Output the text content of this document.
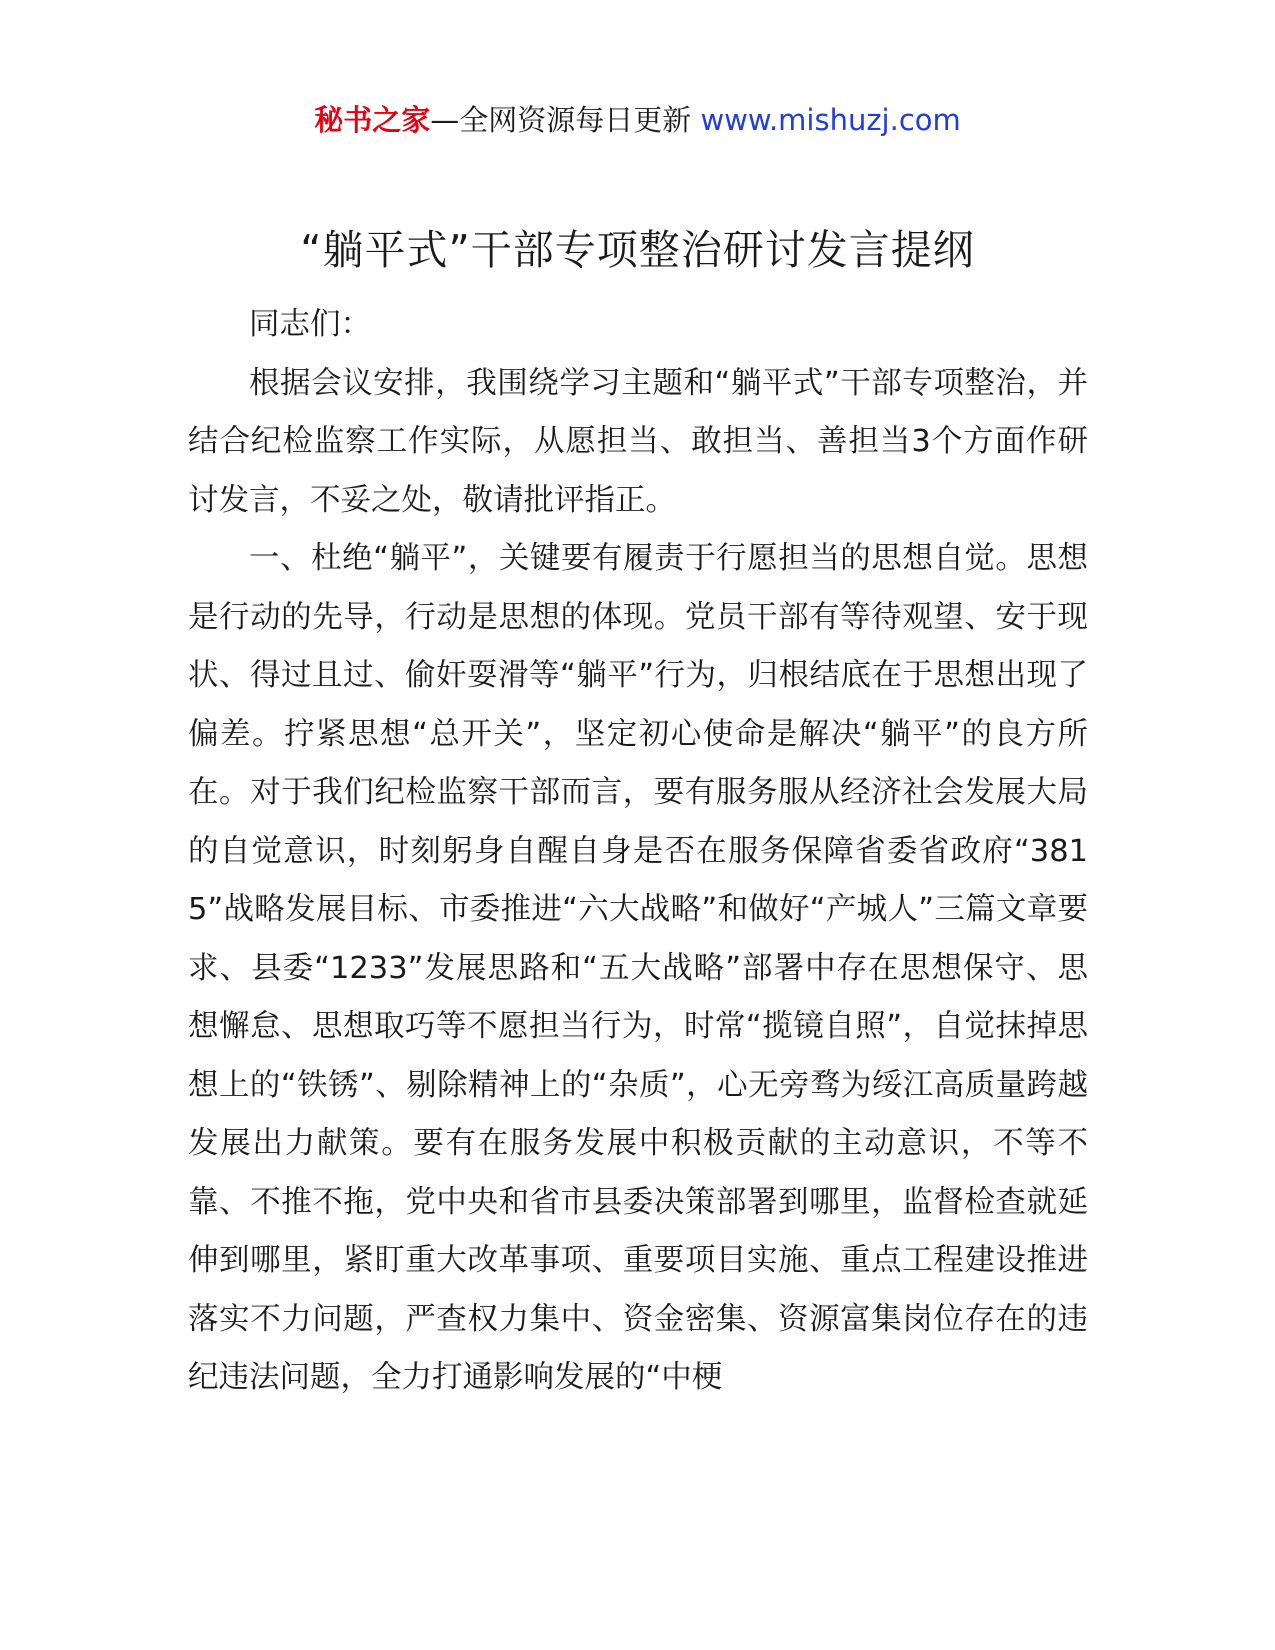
秘书之家—全网资源每日更新 www.mishuzj.com
“躺平式”干部专项整治研讨发言提纲

同志们：

根据会议安排，我围绕学习主题和“躺平式”干部专项整治，并结合纪检监察工作实际，从愿担当、敢担当、善担当3个方面作研讨发言，不妥之处，敬请批评指正。

一、杜绝“躺平”，关键要有履责于行愿担当的思想自觉。思想是行动的先导，行动是思想的体现。党员干部有等待观望、安于现状、得过且过、偷奸耍滑等“躺平”行为，归根结底在于思想出现了偏差。拧紧思想“总开关”，坚定初心使命是解决“躺平”的良方所在。对于我们纪检监察干部而言，要有服务服从经济社会发展大局的自觉意识，时刻躬身自醒自身是否在服务保障省委省政府“3815”战略发展目标、市委推进“六大战略”和做好“产城人”三篇文章要求、县委“1233”发展思路和“五大战略”部署中存在思想保守、思想懈怠、思想取巧等不愿担当行为，时常“揽镜自照”，自觉抹掉思想上的“铁锈”、剔除精神上的“杂质”，心无旁骛为绥江高质量跨越发展出力献策。要有在服务发展中积极贡献的主动意识，不等不靠、不推不拖，党中央和省市县委决策部署到哪里，监督检查就延伸到哪里，紧盯重大改革事项、重要项目实施、重点工程建设推进落实不力问题，严查权力集中、资金密集、资源富集岗位存在的违纪违法问题，全力打通影响发展的“中梗
